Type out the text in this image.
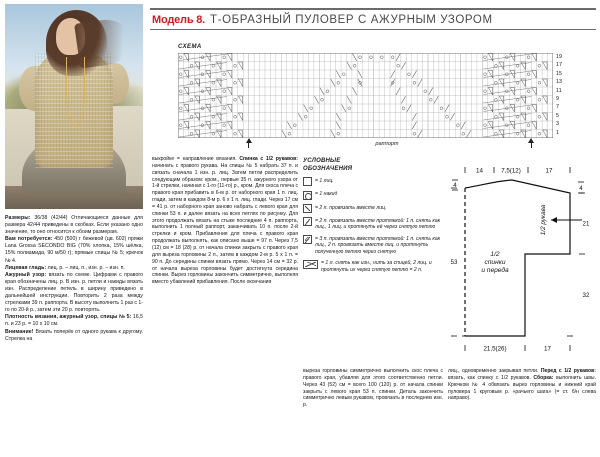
Размеры: 36/38 (42/44) Отличающиеся данные для размера 42/44 приведены в скобках. Если указано одно значение, то оно относится к обоим размерам.

Вам потребуется: 450 (500) г бежевой (цв. 602) пряжи Lana Grossa SECONDO BIG (70% хлопка, 15% шёлка, 15% полиамида, 90 м/50 г); прямые спицы № 5; крючок № 4.

Лицевая гладь: лиц. р. – лиц. п., изн. р. – изн. п.

Ажурный узор: вязать по схеме. Цифрами с правого края обозначены лиц. р. В изн. р. петли и накиды вязать изн. Распределение петель в ширину приведено в дальнейшей инструкции. Повторить 2 раза между стрелками 39 п. раппорта. В высоту выполнить 1 раз с 1-го по 20-й р., затем эти 20 р. повторять.

Плотность вязания, ажурный узор, спицы № 5: 16,5 п. и 23 р. = 10 x 10 см.

Внимание! Вязать поперёк от одного рукава к другому. Стрелка на

Модель 8. Т-ОБРАЗНЫЙ ПУЛОВЕР С АЖУРНЫМ УЗОРОМ
СХЕМА
19
17
15
13
11
9
7
5
3
1
раппорт
УСЛОВНЫЕ
ОБОЗНАЧЕНИЯ
= 1 лиц.
= 1 накид
= 2 п. провязать вместе лиц.
= 2 п. провязать вместе протяжкой: 1 п. снять как лиц., 1 лиц. и протянуть её через снятую петлю
= 3 п. провязать вместе протяжкой: 1 п. снять как лиц., 2 п. провязать вместе лиц. и протянуть полученную петлю через снятую
= 1 л. снять как изн., нить за спицей, 2 лиц. и протянуть их через снятую петлю = 2 п.
14	7,5(12)	17
4	4
53
21
32
21,5(26)	17
1/2
спинки
и переда
1/2 рукава
выкройке = направление вязания. Спинка с 1/2 рукавов: начинать с правого рукава. На спицы № 5 набрать 37 п. и связать сначала 1 изн. р. лиц. Затем петли распределить следующим образом: кром., первые 35 п. ажурного узора от 1-й стрелки, начиная с 1-го (11-го) р., кром. Для скоса плеча с правого края прибавить в 6-м р. от наборного края 1 п. лиц. глади, затем в каждом 8-м р. 6 x 1 п. лиц. глади. Через 17 см = 41 р. от наборного края заново набрать с левого края для спинки 53 п. и далее вязать на всех петлях по рисунку. Для этого продолжать вязать на стыке последние 4 п. раппорта, выполнить 1 полный раппорт, заканчивать 10 п. после 2-й стрелки и кром. Прибавления для плеча с правого края продолжать выполнять, как описано выше = 97 п. Через 7,5 (12) см = 18 (28) р. от начала спинки закрыть с правого края для выреза горловины 2 п., затем в каждом 2-м р. 5 x 1 п. = 90 п. До середины спинки вязать прямо. Через 14 см = 32 р. от начала выреза горловины будет достигнута середина спинки. Вырез горловины закончить симметрично, выполняя вместо убавлений прибавления. После окончания
выреза горловины симметрично выполнить скос плеча с правого края, убавляя для этого соответственно петли. Через 43 (52) см = всего 100 (120) р. от начала спинки закрыть с левого края 53 п. спинки. Деталь закончить симметрично левым рукавом, провязать в последнем изн. р.
лиц., одновременно закрывая петли. Перед с 1/2 рукавов: вязать, как спинку с 1/2 рукавов. Сборка: выполнить швы. Крючком № 4 обвязать вырез горловины и нижний край пуловера 1 круговым р. «рачьего шага» (= ст. б/н слева направо).
